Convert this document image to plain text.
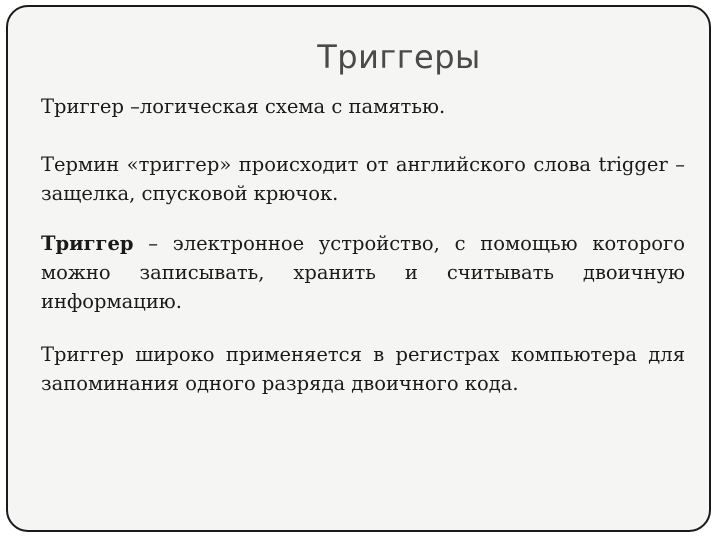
Триггеры

Триггер –логическая схема с памятью.

Термин «триггер» происходит от английского слова trigger – защелка, спусковой крючок.

Триггер – электронное устройство, с помощью которого можно записывать, хранить и считывать двоичную информацию.

Триггер широко применяется в регистрах компьютера для запоминания одного разряда двоичного кода.
